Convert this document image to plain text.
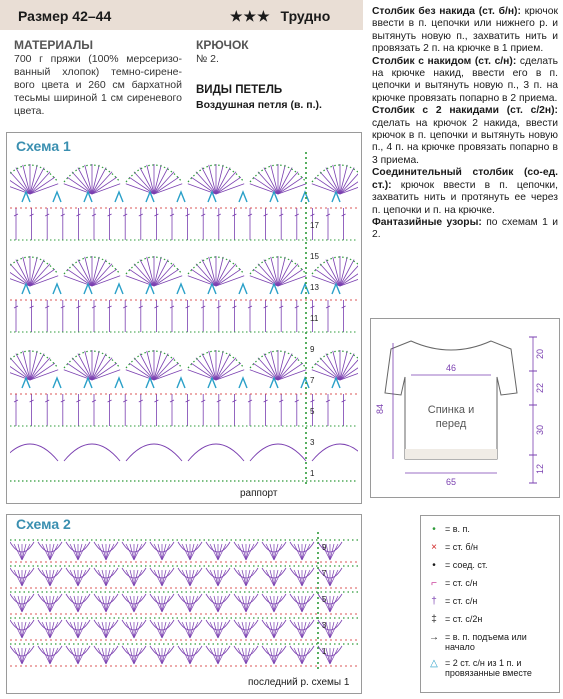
Размер 42–44	★★★ Трудно
МАТЕРИАЛЫ
700 г пряжи (100% мерсеризо-ванный хлопок) темно-сирене-вого цвета и 260 см бархатной тесьмы шириной 1 см сиреневого цвета.
КРЮЧОК
№ 2.
ВИДЫ ПЕТЕЛЬ
Воздушная петля (в. п.).

Столбик без накида (ст. б/н): крючок ввести в п. цепочки или нижнего р. и вытянуть новую п., захватить нить и провязать 2 п. на крючке в 1 прием.

Столбик с накидом (ст. с/н): сделать на крючке накид, ввести его в п. цепочки и вытянуть новую п., 3 п. на крючке провязать попарно в 2 приема.

Столбик с 2 накидами (ст. с/2н): сделать на крючок 2 накида, ввести крючок в п. цепочки и вытянуть новую п., 4 п. на крючке провязать попарно в 3 приема.

Соединительный столбик (со-ед. ст.): крючок ввести в п. цепочки, захватить нить и протянуть ее через п. цепочки и п. на крючке.

Фантазийные узоры: по схемам 1 и 2.

Схема 1
17
15
13
11
9
7
5
3
1
раппорт
Схема 2
9
7
5
3
1
последний р. схемы 1
Спинка и
перед
46
65
84
20
22
30
12
•	= в. п.
× = ст. б/н
•	= соед. ст.
⌐ = ст. с/н
† = ст. с/н
‡ = ст. с/2н
→ = в. п. подъема или начало
△ = 2 ст. с/н из 1 п. и провязанные вместе
